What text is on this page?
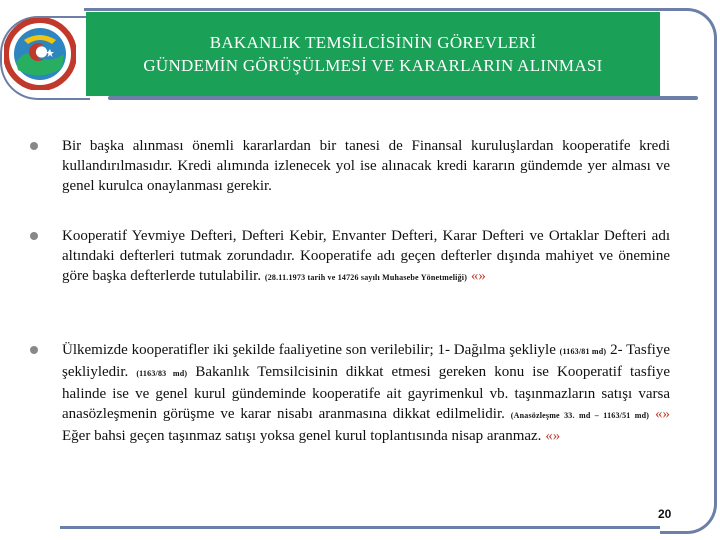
BAKANLIK TEMSİLCİSİNİN GÖREVLERİ
GÜNDEMİN GÖRÜŞÜLMESİ VE KARARLARIN ALINMASI
Bir başka alınması önemli kararlardan bir tanesi de Finansal kuruluşlardan kooperatife kredi kullandırılmasıdır. Kredi alımında izlenecek yol ise alınacak kredi kararın gündemde yer alması ve genel kurulca onaylanması gerekir.
Kooperatif Yevmiye Defteri, Defteri Kebir, Envanter Defteri, Karar Defteri ve Ortaklar Defteri adı altındaki defterleri tutmak zorundadır. Kooperatife adı geçen defterler dışında mahiyet ve önemine göre başka defterlerde tutulabilir. (28.11.1973 tarih ve 14726 sayılı Muhasebe Yönetmeliği) «»
Ülkemizde kooperatifler iki şekilde faaliyetine son verilebilir; 1- Dağılma şekliyle (1163/81 md) 2- Tasfiye şekliyledir. (1163/83 md) Bakanlık Temsilcisinin dikkat etmesi gereken konu ise Kooperatif tasfiye halinde ise ve genel kurul gündeminde kooperatife ait gayrimenkul vb. taşınmazların satışı varsa anasözleşmenin görüşme ve karar nisabı aranmasına dikkat edilmelidir. (Anasözleşme 33. md – 1163/51 md) «» Eğer bahsi geçen taşınmaz satışı yoksa genel kurul toplantısında nisap aranmaz. «»
20
